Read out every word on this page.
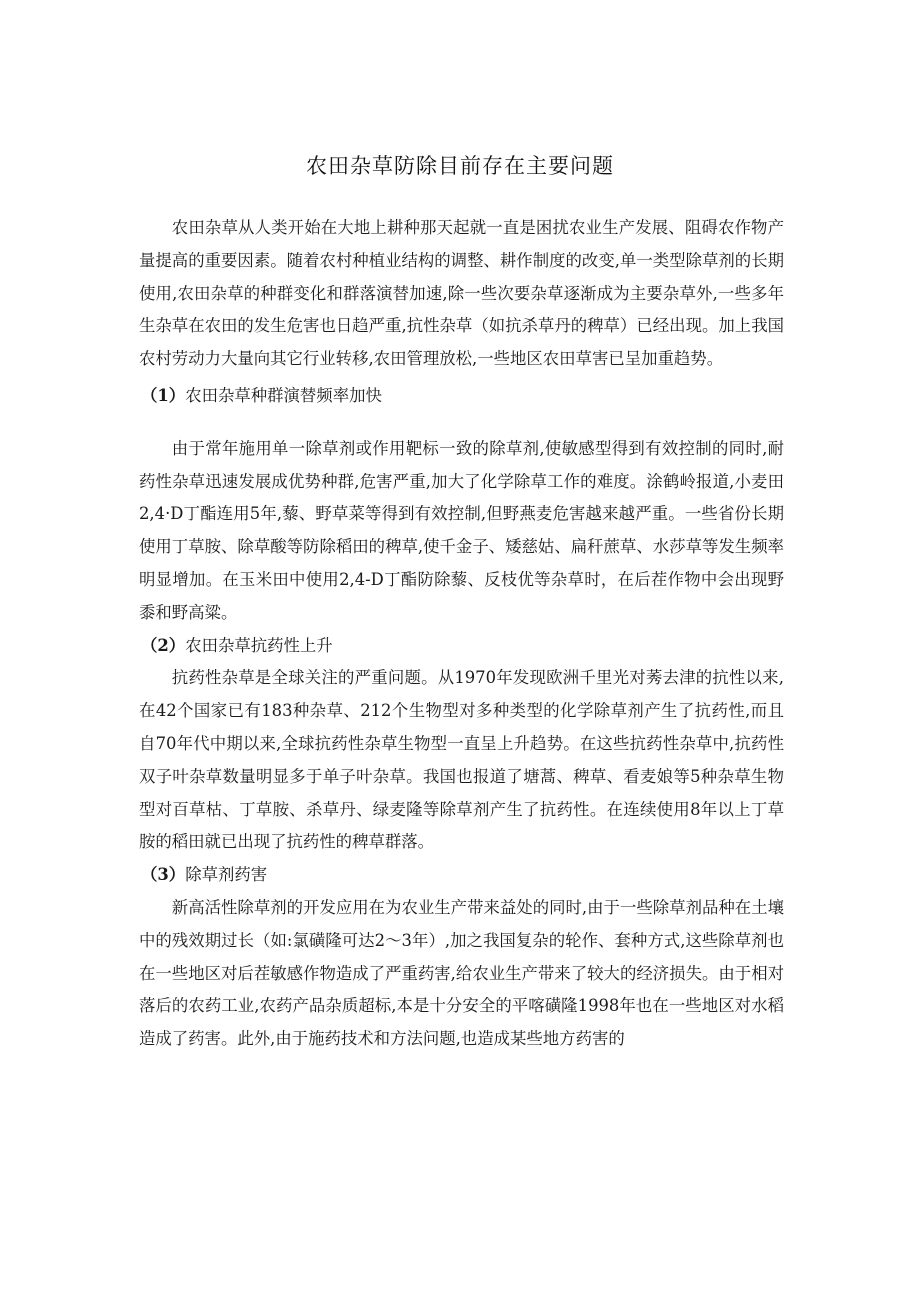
农田杂草防除目前存在主要问题

农田杂草从人类开始在大地上耕种那天起就一直是困扰农业生产发展、阻碍农作物产量提高的重要因素。随着农村种植业结构的调整、耕作制度的改变,单一类型除草剂的长期使用,农田杂草的种群变化和群落演替加速,除一些次要杂草逐渐成为主要杂草外,一些多年生杂草在农田的发生危害也日趋严重,抗性杂草（如抗杀草丹的稗草）已经出现。加上我国农村劳动力大量向其它行业转移,农田管理放松,一些地区农田草害已呈加重趋势。

（1）农田杂草种群演替频率加快

由于常年施用单一除草剂或作用靶标一致的除草剂,使敏感型得到有效控制的同时,耐药性杂草迅速发展成优势种群,危害严重,加大了化学除草工作的难度。涂鹤岭报道,小麦田2,4·D丁酯连用5年,藜、野草菜等得到有效控制,但野燕麦危害越来越严重。一些省份长期使用丁草胺、除草酸等防除稻田的稗草,使千金子、矮慈姑、扁秆蔗草、水莎草等发生频率明显增加。在玉米田中使用2,4-D丁酯防除藜、反枝优等杂草时，在后茬作物中会出现野黍和野高粱。

（2）农田杂草抗药性上升

抗药性杂草是全球关注的严重问题。从1970年发现欧洲千里光对莠去津的抗性以来,在42个国家已有183种杂草、212个生物型对多种类型的化学除草剂产生了抗药性,而且自70年代中期以来,全球抗药性杂草生物型一直呈上升趋势。在这些抗药性杂草中,抗药性双子叶杂草数量明显多于单子叶杂草。我国也报道了塘蒿、稗草、看麦娘等5种杂草生物型对百草枯、丁草胺、杀草丹、绿麦隆等除草剂产生了抗药性。在连续使用8年以上丁草胺的稻田就已出现了抗药性的稗草群落。

（3）除草剂药害

新高活性除草剂的开发应用在为农业生产带来益处的同时,由于一些除草剂品种在土壤中的残效期过长（如:氯磺隆可达2～3年）,加之我国复杂的轮作、套种方式,这些除草剂也在一些地区对后茬敏感作物造成了严重药害,给农业生产带来了较大的经济损失。由于相对落后的农药工业,农药产品杂质超标,本是十分安全的平喀磺隆1998年也在一些地区对水稻造成了药害。此外,由于施药技术和方法问题,也造成某些地方药害的
